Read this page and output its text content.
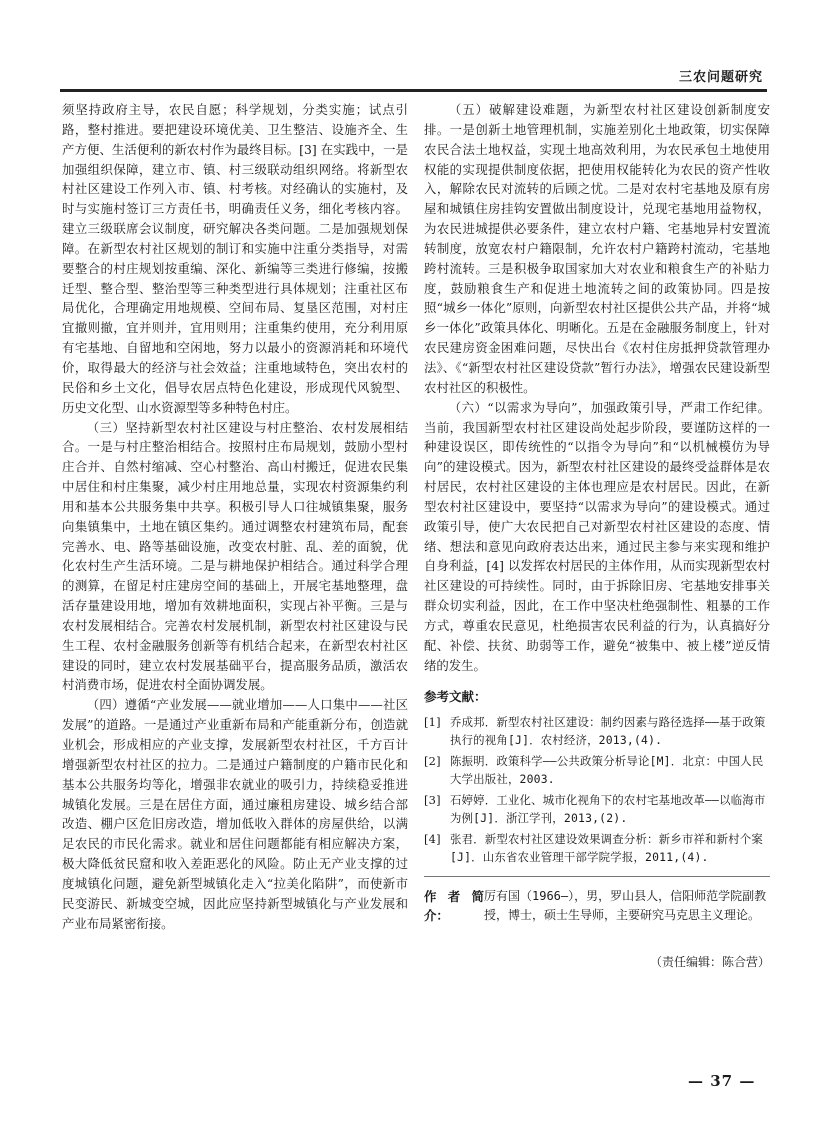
三农问题研究

须坚持政府主导，农民自愿；科学规划，分类实施；试点引路，整村推进。要把建设环境优美、卫生整洁、设施齐全、生产方便、生活便利的新农村作为最终目标。[3] 在实践中，一是加强组织保障，建立市、镇、村三级联动组织网络。将新型农村社区建设工作列入市、镇、村考核。对经确认的实施村，及时与实施村签订三方责任书，明确责任义务，细化考核内容。建立三级联席会议制度，研究解决各类问题。二是加强规划保障。在新型农村社区规划的制订和实施中注重分类指导，对需要整合的村庄规划按重编、深化、新编等三类进行修编，按搬迁型、整合型、整治型等三种类型进行具体规划；注重社区布局优化，合理确定用地规模、空间布局、复垦区范围，对村庄宜撤则撤，宜并则并，宜用则用；注重集约使用，充分利用原有宅基地、自留地和空闲地，努力以最小的资源消耗和环境代价，取得最大的经济与社会效益；注重地域特色，突出农村的民俗和乡土文化，倡导农居点特色化建设，形成现代风貌型、历史文化型、山水资源型等多种特色村庄。

（三）坚持新型农村社区建设与村庄整治、农村发展相结合。一是与村庄整治相结合。按照村庄布局规划，鼓励小型村庄合并、自然村缩减、空心村整治、高山村搬迁，促进农民集中居住和村庄集聚，减少村庄用地总量，实现农村资源集约利用和基本公共服务集中共享。积极引导人口往城镇集聚，服务向集镇集中，土地在镇区集约。通过调整农村建筑布局，配套完善水、电、路等基础设施，改变农村脏、乱、差的面貌，优化农村生产生活环境。二是与耕地保护相结合。通过科学合理的测算，在留足村庄建房空间的基础上，开展宅基地整理，盘活存量建设用地，增加有效耕地面积，实现占补平衡。三是与农村发展相结合。完善农村发展机制，新型农村社区建设与民生工程、农村金融服务创新等有机结合起来，在新型农村社区建设的同时，建立农村发展基础平台，提高服务品质，激活农村消费市场，促进农村全面协调发展。

（四）遵循“产业发展——就业增加——人口集中——社区发展”的道路。一是通过产业重新布局和产能重新分布，创造就业机会，形成相应的产业支撑，发展新型农村社区，千方百计增强新型农村社区的拉力。二是通过户籍制度的户籍市民化和基本公共服务均等化，增强非农就业的吸引力，持续稳妥推进城镇化发展。三是在居住方面，通过廉租房建设、城乡结合部改造、棚户区危旧房改造，增加低收入群体的房屋供给，以满足农民的市民化需求。就业和居住问题都能有相应解决方案，极大降低贫民窟和收入差距恶化的风险。防止无产业支撑的过度城镇化问题，避免新型城镇化走入“拉美化陷阱”，而使新市民变游民、新城变空城，因此应坚持新型城镇化与产业发展和产业布局紧密衔接。

（五）破解建设难题，为新型农村社区建设创新制度安排。一是创新土地管理机制，实施差别化土地政策，切实保障农民合法土地权益，实现土地高效利用，为农民承包土地使用权能的实现提供制度依据，把使用权能转化为农民的资产性收入，解除农民对流转的后顾之忧。二是对农村宅基地及原有房屋和城镇住房挂钩安置做出制度设计，兑现宅基地用益物权，为农民进城提供必要条件，建立农村户籍、宅基地异村安置流转制度，放宽农村户籍限制，允许农村户籍跨村流动，宅基地跨村流转。三是积极争取国家加大对农业和粮食生产的补贴力度，鼓励粮食生产和促进土地流转之间的政策协同。四是按照“城乡一体化”原则，向新型农村社区提供公共产品，并将“城乡一体化”政策具体化、明晰化。五是在金融服务制度上，针对农民建房资金困难问题，尽快出台《农村住房抵押贷款管理办法》、《“新型农村社区建设贷款”暂行办法》，增强农民建设新型农村社区的积极性。

（六）“以需求为导向”，加强政策引导，严肃工作纪律。当前，我国新型农村社区建设尚处起步阶段，要谨防这样的一种建设误区，即传统性的“以指令为导向”和“以机械模仿为导向”的建设模式。因为，新型农村社区建设的最终受益群体是农村居民，农村社区建设的主体也理应是农村居民。因此，在新型农村社区建设中，要坚持“以需求为导向”的建设模式。通过政策引导，使广大农民把自己对新型农村社区建设的态度、情绪、想法和意见向政府表达出来，通过民主参与来实现和维护自身利益，[4] 以发挥农村居民的主体作用，从而实现新型农村社区建设的可持续性。同时，由于拆除旧房、宅基地安排事关群众切实利益，因此，在工作中坚决杜绝强制性、粗暴的工作方式，尊重农民意见，杜绝损害农民利益的行为，认真搞好分配、补偿、扶贫、助弱等工作，避免“被集中、被上楼”逆反情绪的发生。

参考文献：
[1] 乔成邦．新型农村社区建设：制约因素与路径选择——基于政策执行的视角[J]．农村经济，2013,(4).
[2] 陈振明．政策科学——公共政策分析导论[M]．北京：中国人民大学出版社，2003.
[3] 石婷婷．工业化、城市化视角下的农村宅基地改革——以临海市为例[J]．浙江学刊，2013,(2).
[4] 张君．新型农村社区建设效果调查分析：新乡市祥和新村个案[J]．山东省农业管理干部学院学报，2011,(4).
作者简介：
厉有国（1966—），男，罗山县人，信阳师范学院副教授，博士，硕士生导师，主要研究马克思主义理论。
（责任编辑：陈合营）
— 37 —
